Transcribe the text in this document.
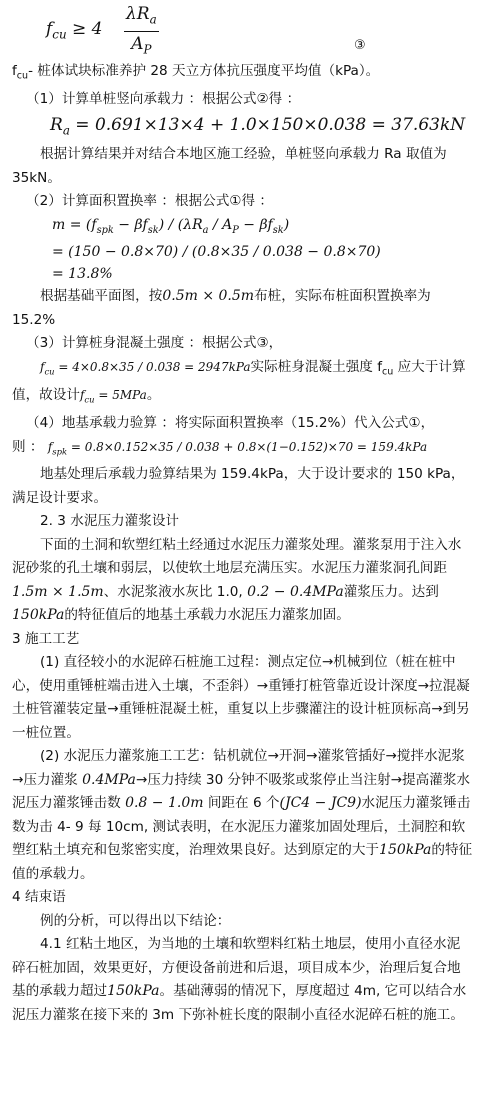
$f_{cu} \ge 4$
$\lambda R_a$
$A_P$	③

$f_{cu}-$ 桩体试块标准养护 28 天立方体抗压强度平均值（kPa）。

（1）计算单桩竖向承载力 ：根据公式②得 ：

$R_a = 0.691\times 13\times 4 + 1.0\times 150\times 0.038 = 37.63kN$

根据计算结果并对结合本地区施工经验，单桩竖向承载力 Ra 取值为 35kN。

（2）计算面积置换率 ：根据公式①得 ：

$m = (f_{spk} - \beta f_{sk}) / (\lambda R_a / A_P - \beta f_{sk})$
= (150 − 0.8×70) / (0.8×35 / 0.038 − 0.8×70)
= 13.8%

根据基础平面图，按0.5m × 0.5m布桩，实际布桩面积置换率为 15.2%

（3）计算桩身混凝土强度 ：根据公式③，

$f_{cu} = 4\times 0.8\times 35 / 0.038 = 2947kPa$实际桩身混凝土强度 $f_{cu}$ 应大于计算值，故设计$f_{cu} = 5MPa$。

（4）地基承载力验算 ：将实际面积置换率（15.2%）代入公式①，

则 ： $f_{spk} = 0.8\times 0.152\times 35 / 0.038 + 0.8\times(1-0.152)\times 70 = 159.4kPa$

地基处理后承载力验算结果为 159.4kPa，大于设计要求的 150 kPa，满足设计要求。

2. 3 水泥压力灌浆设计

下面的土洞和软塑红粘土经通过水泥压力灌浆处理。灌浆泵用于注入水泥砂浆的孔土壤和弱层，以使软土地层充满压实。水泥压力灌浆洞孔间距1.5m × 1.5m、水泥浆液水灰比 1.0, 0.2 − 0.4MPa灌浆压力。达到150kPa的特征值后的地基土承载力水泥压力灌浆加固。

3 施工工艺

(1) 直径较小的水泥碎石桩施工过程：测点定位→机械到位（桩在桩中心，使用重锤桩端击进入土壤，不歪斜）→重锤打桩管靠近设计深度→拉混凝土桩管灌装定量→重锤桩混凝土桩，重复以上步骤灌注的设计桩顶标高→到另一桩位置。

(2) 水泥压力灌浆施工工艺：钻机就位→开洞→灌浆管插好→搅拌水泥浆→压力灌浆 0.4MPa→压力持续 30 分钟不吸浆或浆停止当注射→提高灌浆水泥压力灌浆锤击数 0.8 − 1.0m 间距在 6 个(JC4 − JC9)水泥压力灌浆锤击数为击 4- 9 每 10cm, 测试表明，在水泥压力灌浆加固处理后，土洞腔和软塑红粘土填充和包浆密实度，治理效果良好。达到原定的大于150kPa的特征值的承载力。

4 结束语

例的分析，可以得出以下结论：

4.1 红粘土地区，为当地的土壤和软塑料红粘土地层，使用小直径水泥碎石桩加固，效果更好，方便设备前进和后退，项目成本少，治理后复合地基的承载力超过150kPa。基础薄弱的情况下，厚度超过 4m, 它可以结合水泥压力灌浆在接下来的 3m 下弥补桩长度的限制小直径水泥碎石桩的施工。
